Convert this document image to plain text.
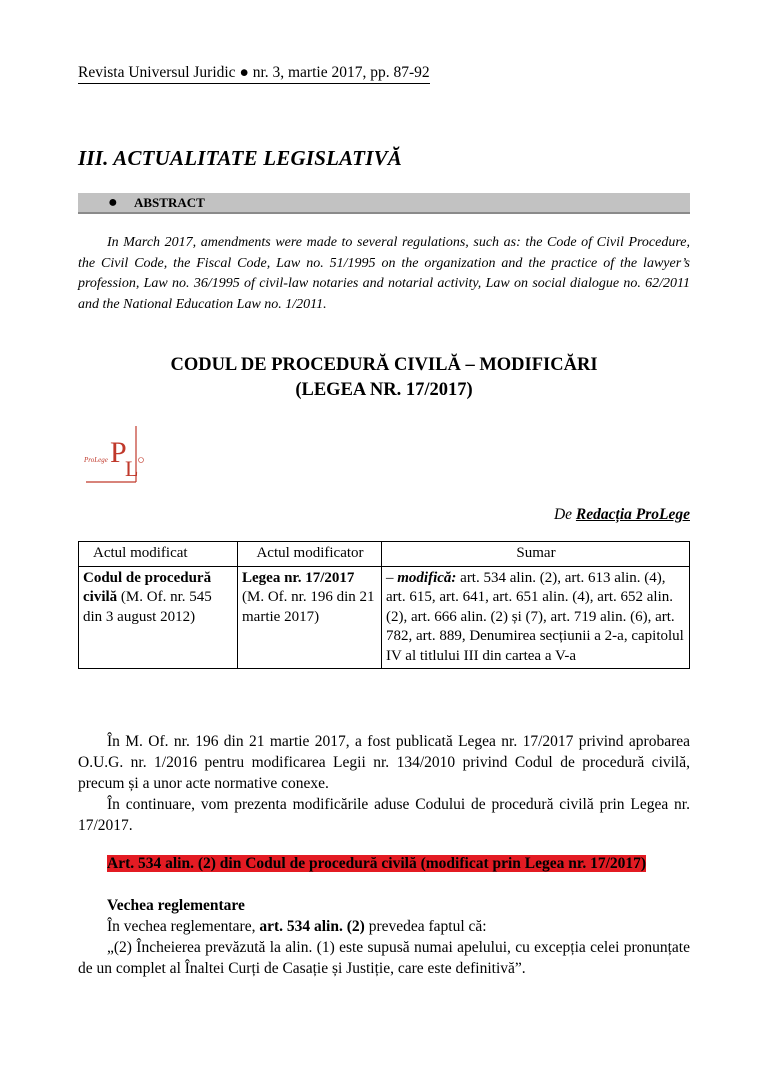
Revista Universul Juridic ● nr. 3, martie 2017, pp. 87-92
III. ACTUALITATE LEGISLATIVĂ
● ABSTRACT

In March 2017, amendments were made to several regulations, such as: the Code of Civil Procedure, the Civil Code, the Fiscal Code, Law no. 51/1995 on the organization and the practice of the lawyer’s profession, Law no. 36/1995 of civil-law notaries and notarial activity, Law on social dialogue no. 62/2011 and the National Education Law no. 1/2011.

CODUL DE PROCEDURĂ CIVILĂ – MODIFICĂRI
(LEGEA NR. 17/2017)
P
L
ProLege
De Redacția ProLege
Actul modificat	Actul modificator	Sumar
Codul de procedură civilă (M. Of. nr. 545 din 3 august 2012)	Legea nr. 17/2017 (M. Of. nr. 196 din 21 martie 2017)	– modifică: art. 534 alin. (2), art. 613 alin. (4), art. 615, art. 641, art. 651 alin. (4), art. 652 alin. (2), art. 666 alin. (2) și (7), art. 719 alin. (6), art. 782, art. 889, Denumirea secțiunii a 2-a, capitolul IV al titlului III din cartea a V-a

În M. Of. nr. 196 din 21 martie 2017, a fost publicată Legea nr. 17/2017 privind aprobarea O.U.G. nr. 1/2016 pentru modificarea Legii nr. 134/2010 privind Codul de procedură civilă, precum și a unor acte normative conexe.

În continuare, vom prezenta modificările aduse Codului de procedură civilă prin Legea nr. 17/2017.

Art. 534 alin. (2) din Codul de procedură civilă (modificat prin Legea nr. 17/2017)

Vechea reglementare

În vechea reglementare, art. 534 alin. (2) prevedea faptul că:

„(2) Încheierea prevăzută la alin. (1) este supusă numai apelului, cu excepția celei pronunțate de un complet al Înaltei Curți de Casație și Justiție, care este definitivă”.
